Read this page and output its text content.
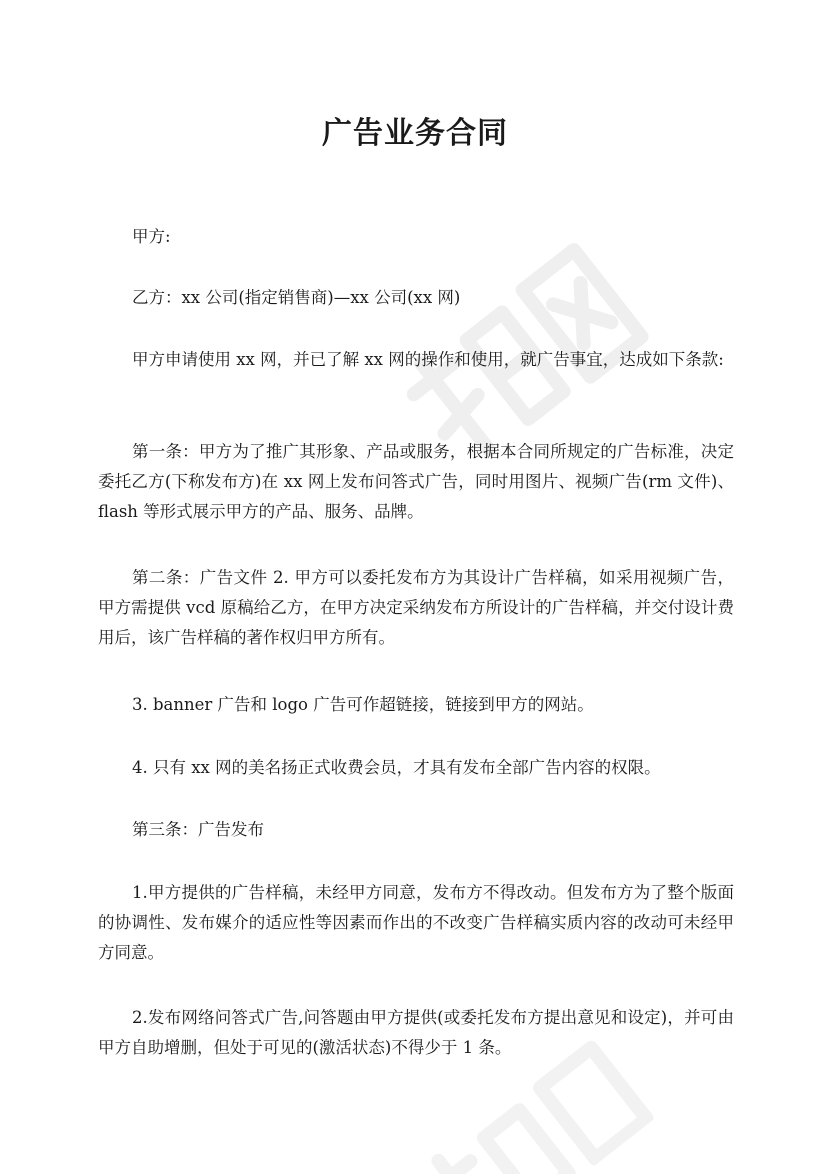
广告业务合同

甲方:

乙方：xx 公司(指定销售商)—xx 公司(xx 网)

甲方申请使用 xx 网，并已了解 xx 网的操作和使用，就广告事宜，达成如下条款:

第一条：甲方为了推广其形象、产品或服务，根据本合同所规定的广告标准，决定委托乙方(下称发布方)在 xx 网上发布问答式广告，同时用图片、视频广告(rm 文件)、flash 等形式展示甲方的产品、服务、品牌。

第二条：广告文件 2. 甲方可以委托发布方为其设计广告样稿，如采用视频广告，甲方需提供 vcd 原稿给乙方，在甲方决定采纳发布方所设计的广告样稿，并交付设计费用后，该广告样稿的著作权归甲方所有。

3. banner 广告和 logo 广告可作超链接，链接到甲方的网站。

4. 只有 xx 网的美名扬正式收费会员，才具有发布全部广告内容的权限。

第三条：广告发布

1.甲方提供的广告样稿，未经甲方同意，发布方不得改动。但发布方为了整个版面的协调性、发布媒介的适应性等因素而作出的不改变广告样稿实质内容的改动可未经甲方同意。

2.发布网络问答式广告,问答题由甲方提供(或委托发布方提出意见和设定)，并可由甲方自助增删，但处于可见的(激活状态)不得少于 1 条。
